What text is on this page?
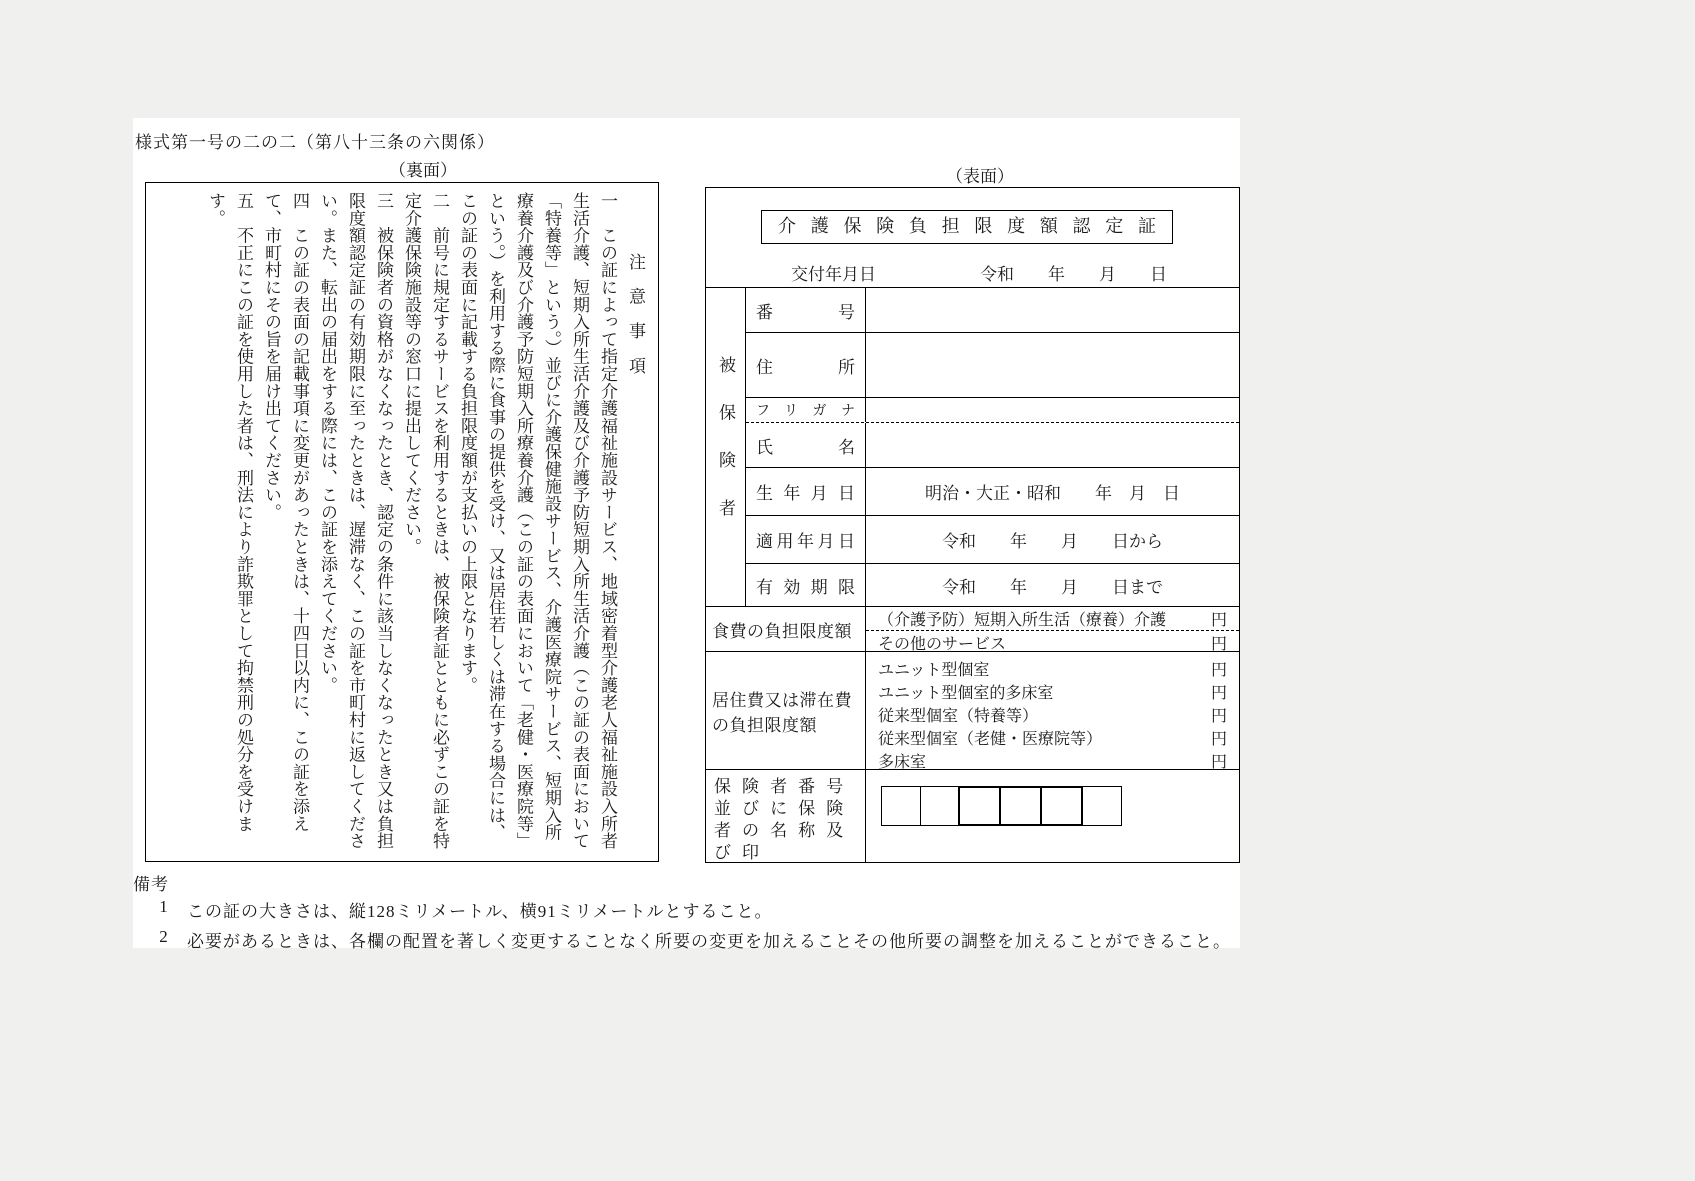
様式第一号の二の二（第八十三条の六関係）
（裏面）	（表面）

注　意　事　項

一　この証によって指定介護福祉施設サービス、地域密着型介護老人福祉施設入所者生活介護、短期入所生活介護及び介護予防短期入所生活介護（この証の表面において「特養等」という。）並びに介護保健施設サービス、介護医療院サービス、短期入所療養介護及び介護予防短期入所療養介護（この証の表面において「老健・医療院等」という。）を利用する際に食事の提供を受け、又は居住若しくは滞在する場合には、この証の表面に記載する負担限度額が支払いの上限となります。

二　前号に規定するサービスを利用するときは、被保険者証とともに必ずこの証を特定介護保険施設等の窓口に提出してください。

三　被保険者の資格がなくなったとき、認定の条件に該当しなくなったとき又は負担限度額認定証の有効期限に至ったときは、遅滞なく、この証を市町村に返してください。また、転出の届出をする際には、この証を添えてください。

四　この証の表面の記載事項に変更があったときは、十四日以内に、この証を添えて、市町村にその旨を届け出てください。

五　不正にこの証を使用した者は、刑法により詐欺罪として拘禁刑の処分を受けます。	介護保険負担限度額認定証
交付年月日	令和　　年　　月　　日
被保険者
番号
住所
フリガナ
氏名
生年月日	明治・大正・昭和　　年　月　日
適用年月日	令和　　年　　月　　日から
有効期限	令和　　年　　月　　日まで
食費の負担限度額
（介護予防）短期入所生活（療養）介護	円
その他のサービス	円
居住費又は滞在費
の負担限度額
ユニット型個室	円
ユニット型個室的多床室	円
従来型個室（特養等）	円
従来型個室（老健・医療院等）	円
多床室	円
保険者番号
並びに保険
者の名称及
び印
備考
1 この証の大きさは、縦128ミリメートル、横91ミリメートルとすること。
2 必要があるときは、各欄の配置を著しく変更することなく所要の変更を加えることその他所要の調整を加えることができること。
